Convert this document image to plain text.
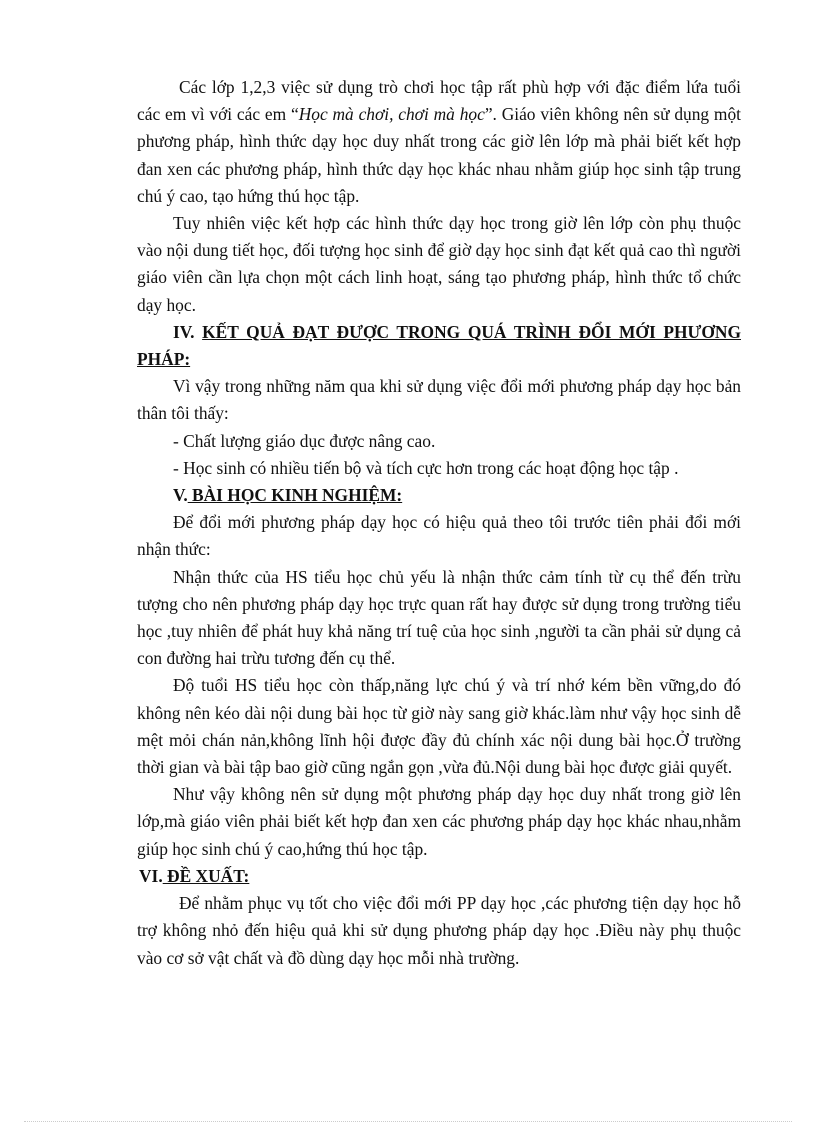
Các lớp 1,2,3 việc sử dụng trò chơi học tập rất phù hợp với đặc điểm lứa tuổi các em vì với các em “Học mà chơi, chơi mà học”. Giáo viên không nên sử dụng một phương pháp, hình thức dạy học duy nhất trong các giờ lên lớp mà phải biết kết hợp đan xen các phương pháp, hình thức dạy học khác nhau nhằm giúp học sinh tập trung chú ý cao, tạo hứng thú học tập.

Tuy nhiên việc kết hợp các hình thức dạy học trong giờ lên lớp còn phụ thuộc vào nội dung tiết học, đối tượng học sinh để giờ dạy học sinh đạt kết quả cao thì người giáo viên cần lựa chọn một cách linh hoạt, sáng tạo phương pháp, hình thức tổ chức dạy học.

IV. KẾT QUẢ ĐẠT ĐƯỢC TRONG QUÁ TRÌNH ĐỔI MỚI PHƯƠNG PHÁP:

Vì vậy trong những năm qua khi sử dụng việc đổi mới phương pháp dạy học bản thân tôi thấy:

- Chất lượng giáo dục được nâng cao.

- Học sinh có nhiều tiến bộ và tích cực hơn trong các hoạt động học tập .

V. BÀI HỌC KINH NGHIỆM:

Để đổi mới phương pháp dạy học có hiệu quả theo tôi trước tiên phải đổi mới nhận thức:

Nhận thức của HS tiểu học chủ yếu là nhận thức cảm tính từ cụ thể đến trừu tượng cho nên phương pháp dạy học trực quan rất hay được sử dụng trong trường tiểu học ,tuy nhiên để phát huy khả năng trí tuệ của học sinh ,người ta cần phải sử dụng cả con đường hai trừu tương đến cụ thể.

Độ tuổi HS tiểu học còn thấp,năng lực chú ý và trí nhớ kém bền vững,do đó không nên kéo dài nội dung bài học từ giờ này sang giờ khác.làm như vậy học sinh dễ mệt mỏi chán nản,không lĩnh hội được đầy đủ chính xác nội dung bài học.Ở trường thời gian và bài tập bao giờ cũng ngắn gọn ,vừa đủ.Nội dung bài học được giải quyết.

Như vậy không nên sử dụng một phương pháp dạy học duy nhất trong giờ lên lớp,mà giáo viên phải biết kết hợp đan xen các phương pháp dạy học khác nhau,nhằm giúp học sinh chú ý cao,hứng thú học tập.

VI. ĐỀ XUẤT:

Để nhằm phục vụ tốt cho việc đổi mới PP dạy học ,các phương tiện dạy học hỗ trợ không nhỏ đến hiệu quả khi sử dụng phương pháp dạy học .Điều này phụ thuộc vào cơ sở vật chất và đồ dùng dạy học mỗi nhà trường.
